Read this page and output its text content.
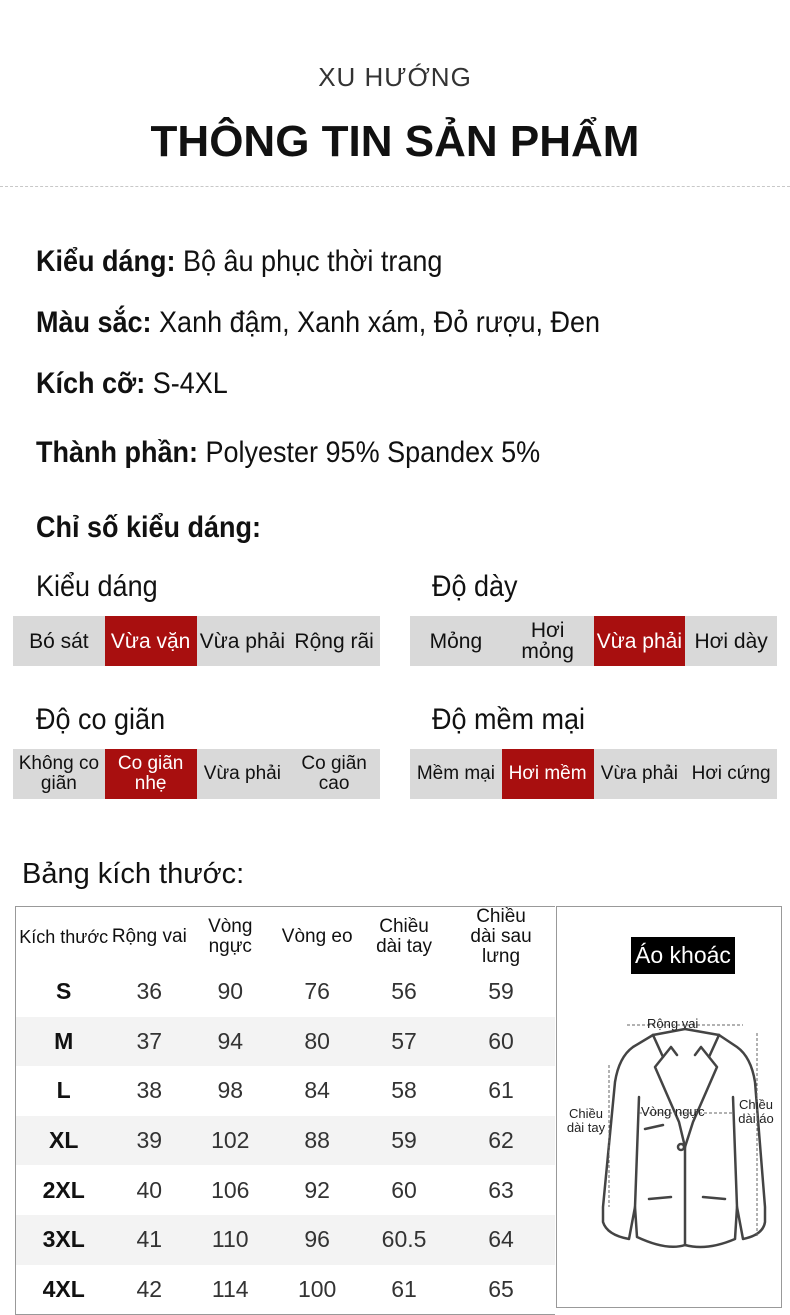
XU HƯỚNG
THÔNG TIN SẢN PHẨM
Kiểu dáng: Bộ âu phục thời trang
Màu sắc: Xanh đậm, Xanh xám, Đỏ rượu, Đen
Kích cỡ: S-4XL
Thành phần: Polyester 95% Spandex 5%
Chỉ số kiểu dáng:
Kiểu dáng
Bó sát	Vừa vặn Vừa phải Rộng rãi
Độ dày
Mỏng	Hơi mỏng	Vừa phải Hơi dày
Độ co giãn
Không co giãn
Co giãn nhẹ	Vừa phải	Co giãn cao
Độ mềm mại
Mềm mại Hơi mềm Vừa phải Hơi cứng
Bảng kích thước:
Kích thước	Rộng vai	Vòng ngực	Vòng eo	Chiều dài tay	Chiều dài sau lưng
S	36	90	76	56	59
M	37	94	80	57	60
L	38	98	84	58	61
XL	39	102	88	59	62
2XL	40	106	92	60	63
3XL	41	110	96	60.5	64
4XL	42	114	100	61	65
Áo khoác
Rộng vai
Vòng ngực
Chiều dài tay
Chiều dài áo
